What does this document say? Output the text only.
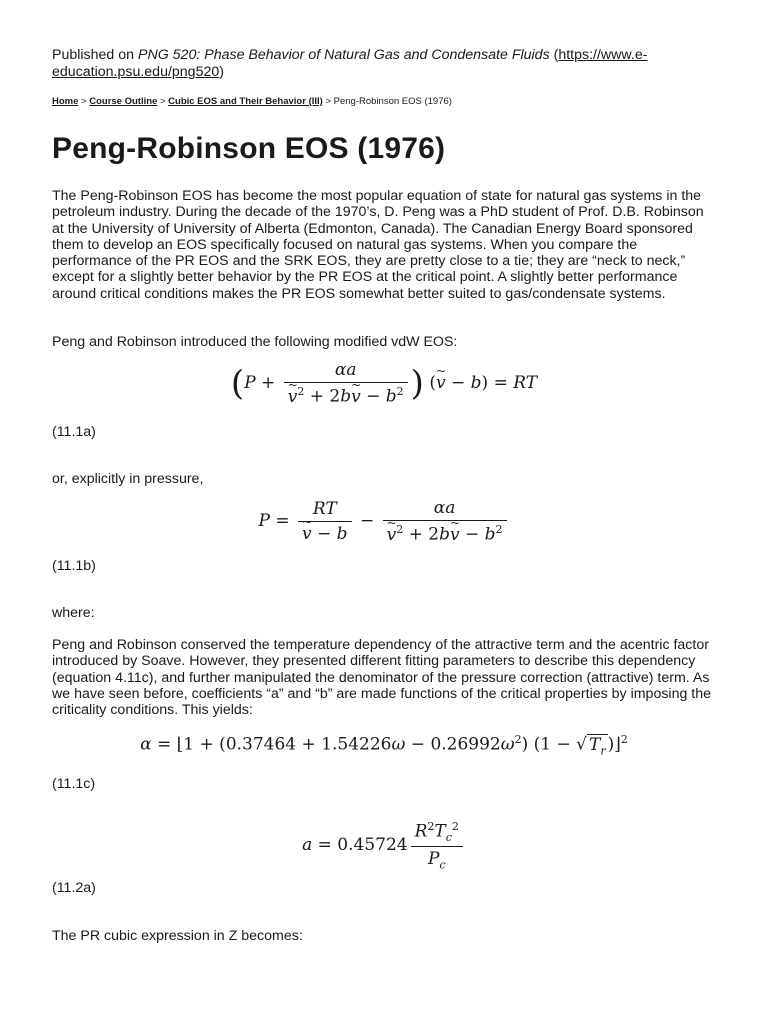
Published on PNG 520: Phase Behavior of Natural Gas and Condensate Fluids (https://www.e-education.psu.edu/png520)
Home > Course Outline > Cubic EOS and Their Behavior (III) > Peng-Robinson EOS (1976)
Peng-Robinson EOS (1976)

The Peng-Robinson EOS has become the most popular equation of state for natural gas systems in the petroleum industry. During the decade of the 1970’s, D. Peng was a PhD student of Prof. D.B. Robinson at the University of University of Alberta (Edmonton, Canada). The Canadian Energy Board sponsored them to develop an EOS specifically focused on natural gas systems. When you compare the performance of the PR EOS and the SRK EOS, they are pretty close to a tie; they are “neck to neck,” except for a slightly better behavior by the PR EOS at the critical point. A slightly better performance around critical conditions makes the PR EOS somewhat better suited to gas/condensate systems.

Peng and Robinson introduced the following modified vdW EOS:

(P + αa
~ $v^2$ + 2b~ $v - b^2$ ) (~ v − b) = RT
(11.1a)

or, explicitly in pressure,

P = RT
~ v − b − αa
~ $v^2$ + 2b~ $v - b^2$
(11.1b)

where:

Peng and Robinson conserved the temperature dependency of the attractive term and the acentric factor introduced by Soave. However, they presented different fitting parameters to describe this dependency (equation 4.11c), and further manipulated the denominator of the pressure correction (attractive) term. As we have seen before, coefficients “a” and “b” are made functions of the critical properties by imposing the criticality conditions. This yields:

α = ⌊1 + $(0.37464 + 1.54226\omega - 0.26992\omega^2)$ (1 − √ $T_r$ )⌋$^2$
(11.1c)
$a = 0.45724 \frac{R^2T_c^2}{P_c}$
(11.2a)

The PR cubic expression in Z becomes:
